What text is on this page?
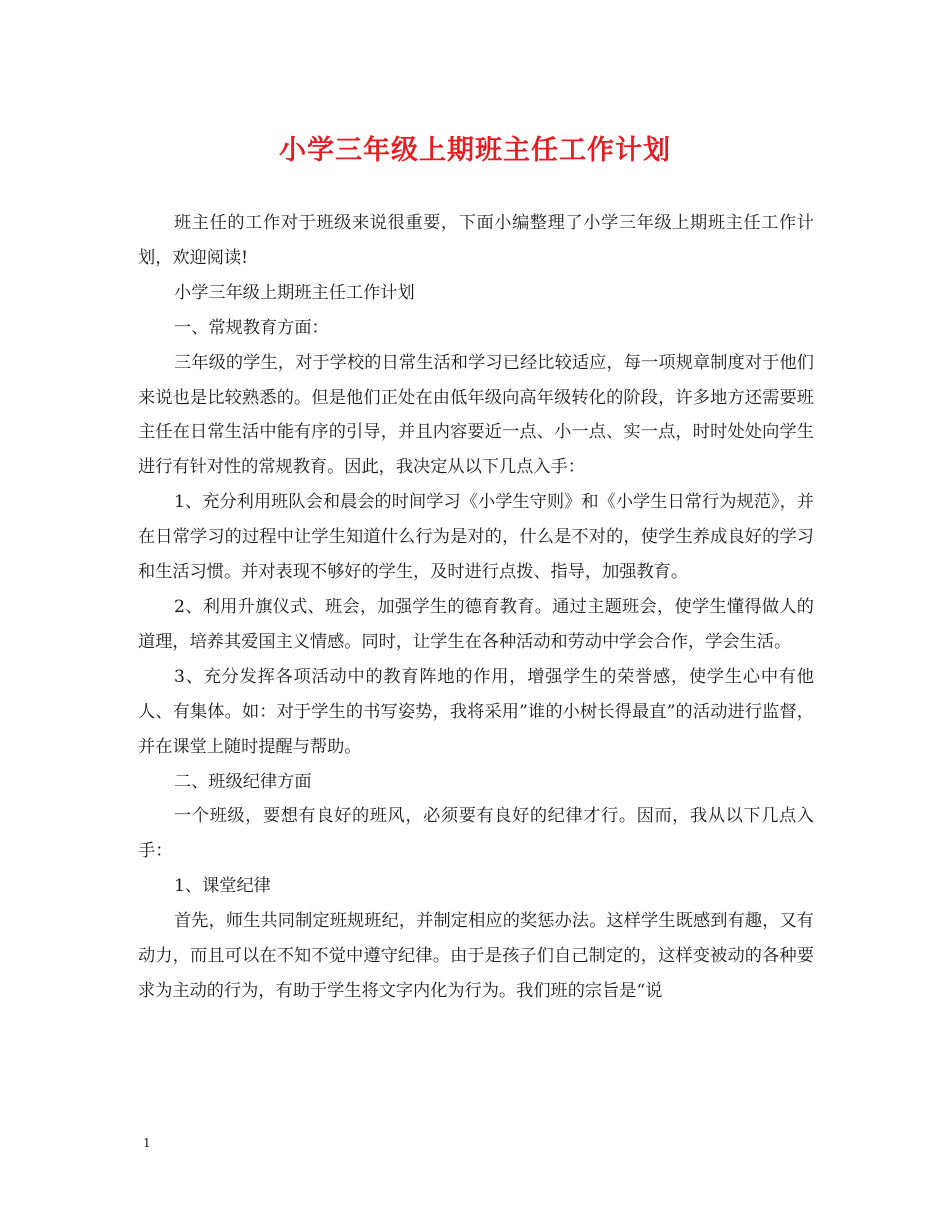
小学三年级上期班主任工作计划

班主任的工作对于班级来说很重要，下面小编整理了小学三年级上期班主任工作计划，欢迎阅读!

小学三年级上期班主任工作计划

一、常规教育方面：

三年级的学生，对于学校的日常生活和学习已经比较适应，每一项规章制度对于他们来说也是比较熟悉的。但是他们正处在由低年级向高年级转化的阶段，许多地方还需要班主任在日常生活中能有序的引导，并且内容要近一点、小一点、实一点，时时处处向学生进行有针对性的常规教育。因此，我决定从以下几点入手：

1、充分利用班队会和晨会的时间学习《小学生守则》和《小学生日常行为规范》，并在日常学习的过程中让学生知道什么行为是对的，什么是不对的，使学生养成良好的学习和生活习惯。并对表现不够好的学生，及时进行点拨、指导，加强教育。

2、利用升旗仪式、班会，加强学生的德育教育。通过主题班会，使学生懂得做人的道理，培养其爱国主义情感。同时，让学生在各种活动和劳动中学会合作，学会生活。

3、充分发挥各项活动中的教育阵地的作用，增强学生的荣誉感，使学生心中有他人、有集体。如：对于学生的书写姿势，我将采用”谁的小树长得最直”的活动进行监督，并在课堂上随时提醒与帮助。

二、班级纪律方面

一个班级，要想有良好的班风，必须要有良好的纪律才行。因而，我从以下几点入手：

1、课堂纪律

首先，师生共同制定班规班纪，并制定相应的奖惩办法。这样学生既感到有趣，又有动力，而且可以在不知不觉中遵守纪律。由于是孩子们自己制定的，这样变被动的各种要求为主动的行为，有助于学生将文字内化为行为。我们班的宗旨是“说

1
